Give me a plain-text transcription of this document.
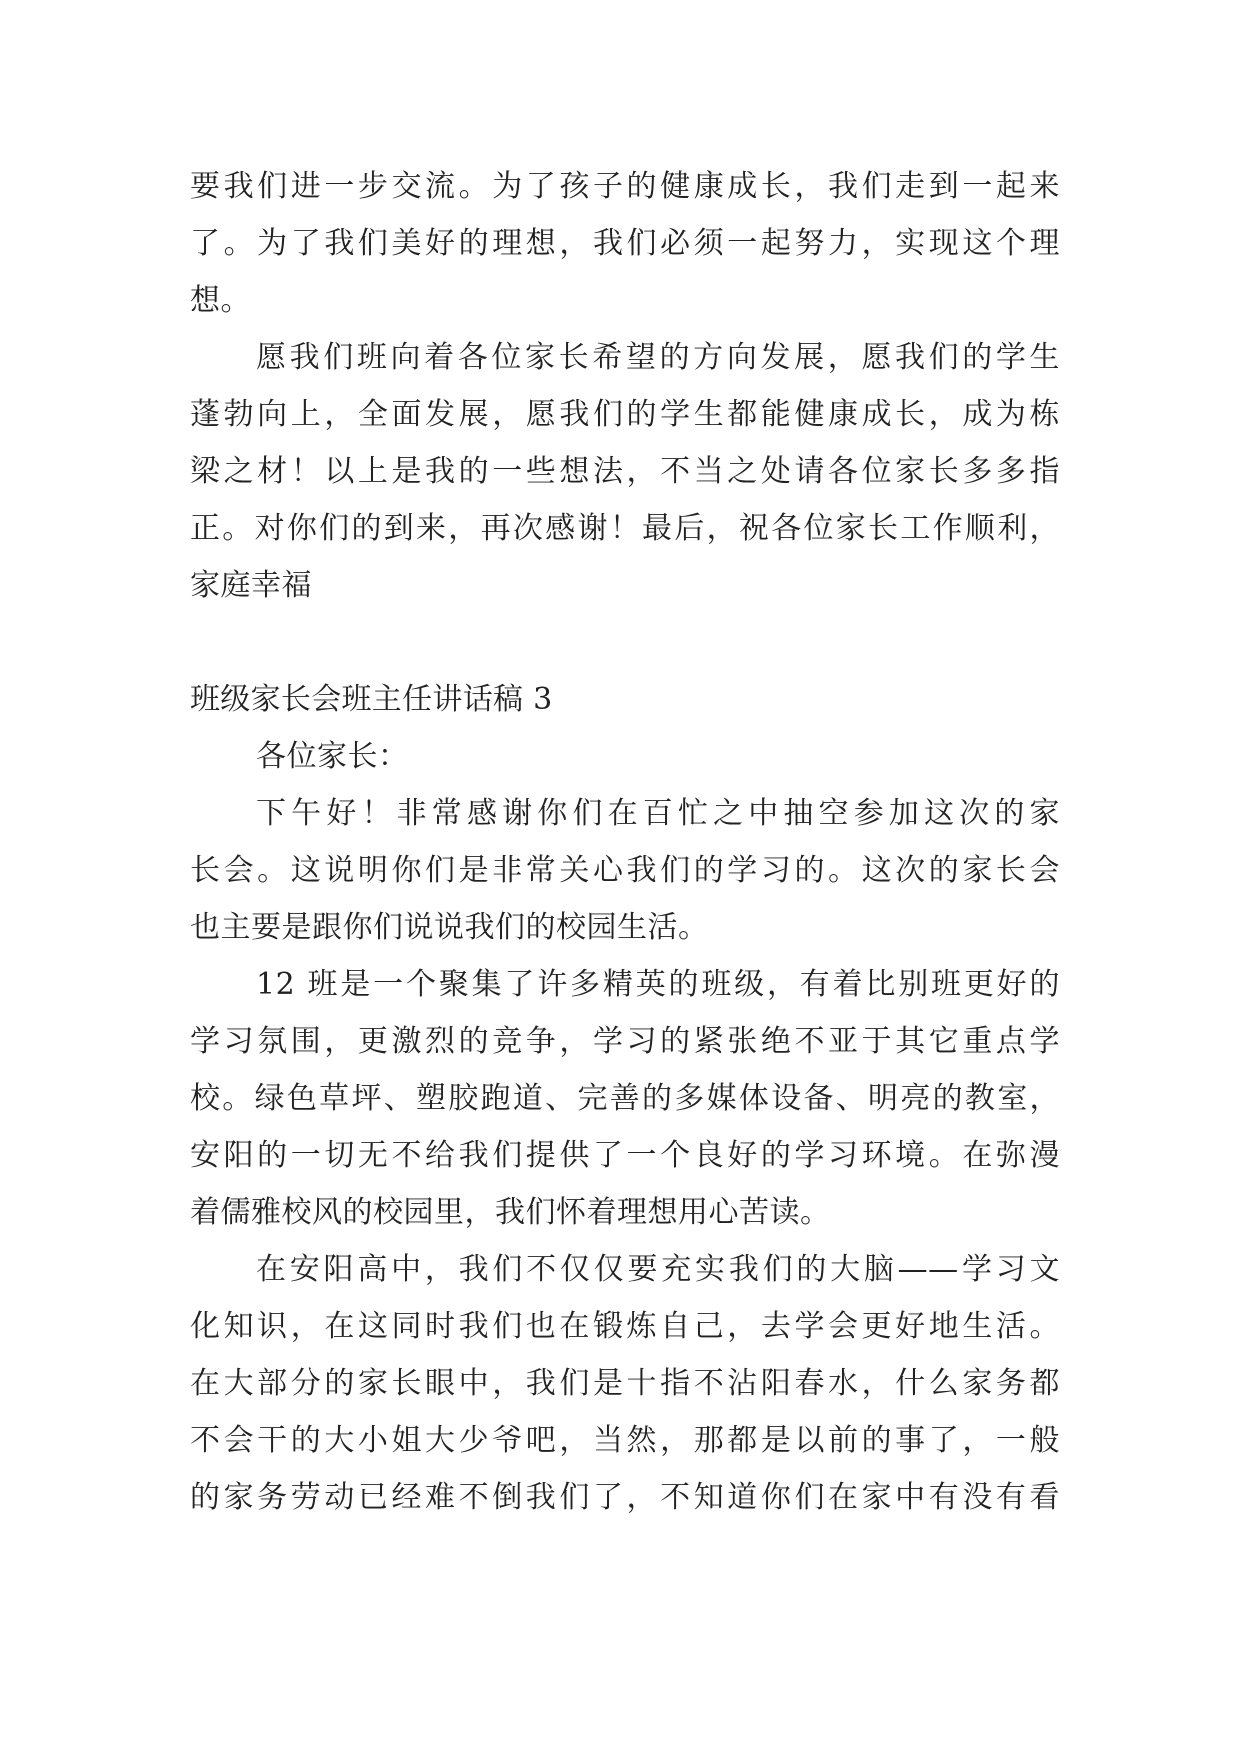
要我们进一步交流。为了孩子的健康成长，我们走到一起来
了。为了我们美好的理想，我们必须一起努力，实现这个理
想。
愿我们班向着各位家长希望的方向发展，愿我们的学生
蓬勃向上，全面发展，愿我们的学生都能健康成长，成为栋
梁之材！以上是我的一些想法，不当之处请各位家长多多指
正。对你们的到来，再次感谢！最后，祝各位家长工作顺利，
家庭幸福
班级家长会班主任讲话稿 3
各位家长：
下午好！非常感谢你们在百忙之中抽空参加这次的家
长会。这说明你们是非常关心我们的学习的。这次的家长会
也主要是跟你们说说我们的校园生活。
12 班是一个聚集了许多精英的班级，有着比别班更好的
学习氛围，更激烈的竞争，学习的紧张绝不亚于其它重点学
校。绿色草坪、塑胶跑道、完善的多媒体设备、明亮的教室，
安阳的一切无不给我们提供了一个良好的学习环境。在弥漫
着儒雅校风的校园里，我们怀着理想用心苦读。
在安阳高中，我们不仅仅要充实我们的大脑——学习文
化知识，在这同时我们也在锻炼自己，去学会更好地生活。
在大部分的家长眼中，我们是十指不沾阳春水，什么家务都
不会干的大小姐大少爷吧，当然，那都是以前的事了，一般
的家务劳动已经难不倒我们了，不知道你们在家中有没有看
